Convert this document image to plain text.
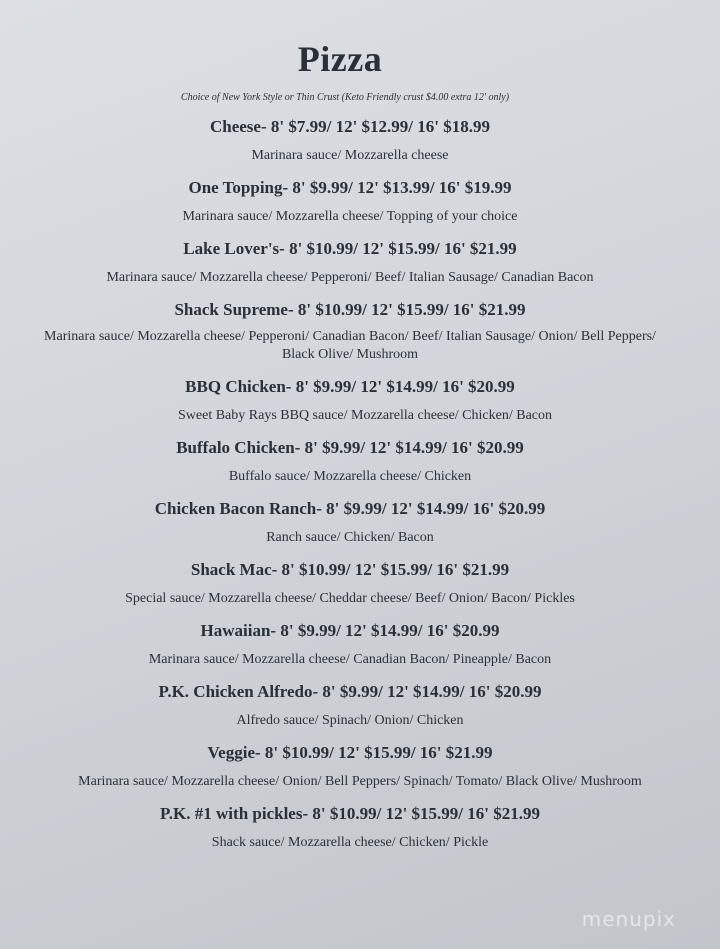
Pizza
Choice of New York Style or Thin Crust (Keto Friendly crust $4.00 extra 12' only)
Cheese- 8' $7.99/ 12' $12.99/ 16' $18.99
Marinara sauce/ Mozzarella cheese
One Topping- 8' $9.99/ 12' $13.99/ 16' $19.99
Marinara sauce/ Mozzarella cheese/ Topping of your choice
Lake Lover's- 8' $10.99/ 12' $15.99/ 16' $21.99
Marinara sauce/ Mozzarella cheese/ Pepperoni/ Beef/ Italian Sausage/ Canadian Bacon
Shack Supreme- 8' $10.99/ 12' $15.99/ 16' $21.99
Marinara sauce/ Mozzarella cheese/ Pepperoni/ Canadian Bacon/ Beef/ Italian Sausage/ Onion/ Bell Peppers/ Black Olive/ Mushroom
BBQ Chicken- 8' $9.99/ 12' $14.99/ 16' $20.99
Sweet Baby Rays BBQ sauce/ Mozzarella cheese/ Chicken/ Bacon
Buffalo Chicken- 8' $9.99/ 12' $14.99/ 16' $20.99
Buffalo sauce/ Mozzarella cheese/ Chicken
Chicken Bacon Ranch- 8' $9.99/ 12' $14.99/ 16' $20.99
Ranch sauce/ Chicken/ Bacon
Shack Mac- 8' $10.99/ 12' $15.99/ 16' $21.99
Special sauce/ Mozzarella cheese/ Cheddar cheese/ Beef/ Onion/ Bacon/ Pickles
Hawaiian- 8' $9.99/ 12' $14.99/ 16' $20.99
Marinara sauce/ Mozzarella cheese/ Canadian Bacon/ Pineapple/ Bacon
P.K. Chicken Alfredo- 8' $9.99/ 12' $14.99/ 16' $20.99
Alfredo sauce/ Spinach/ Onion/ Chicken
Veggie- 8' $10.99/ 12' $15.99/ 16' $21.99
Marinara sauce/ Mozzarella cheese/ Onion/ Bell Peppers/ Spinach/ Tomato/ Black Olive/ Mushroom
P.K. #1 with pickles- 8' $10.99/ 12' $15.99/ 16' $21.99
Shack sauce/ Mozzarella cheese/ Chicken/ Pickle
menupix
